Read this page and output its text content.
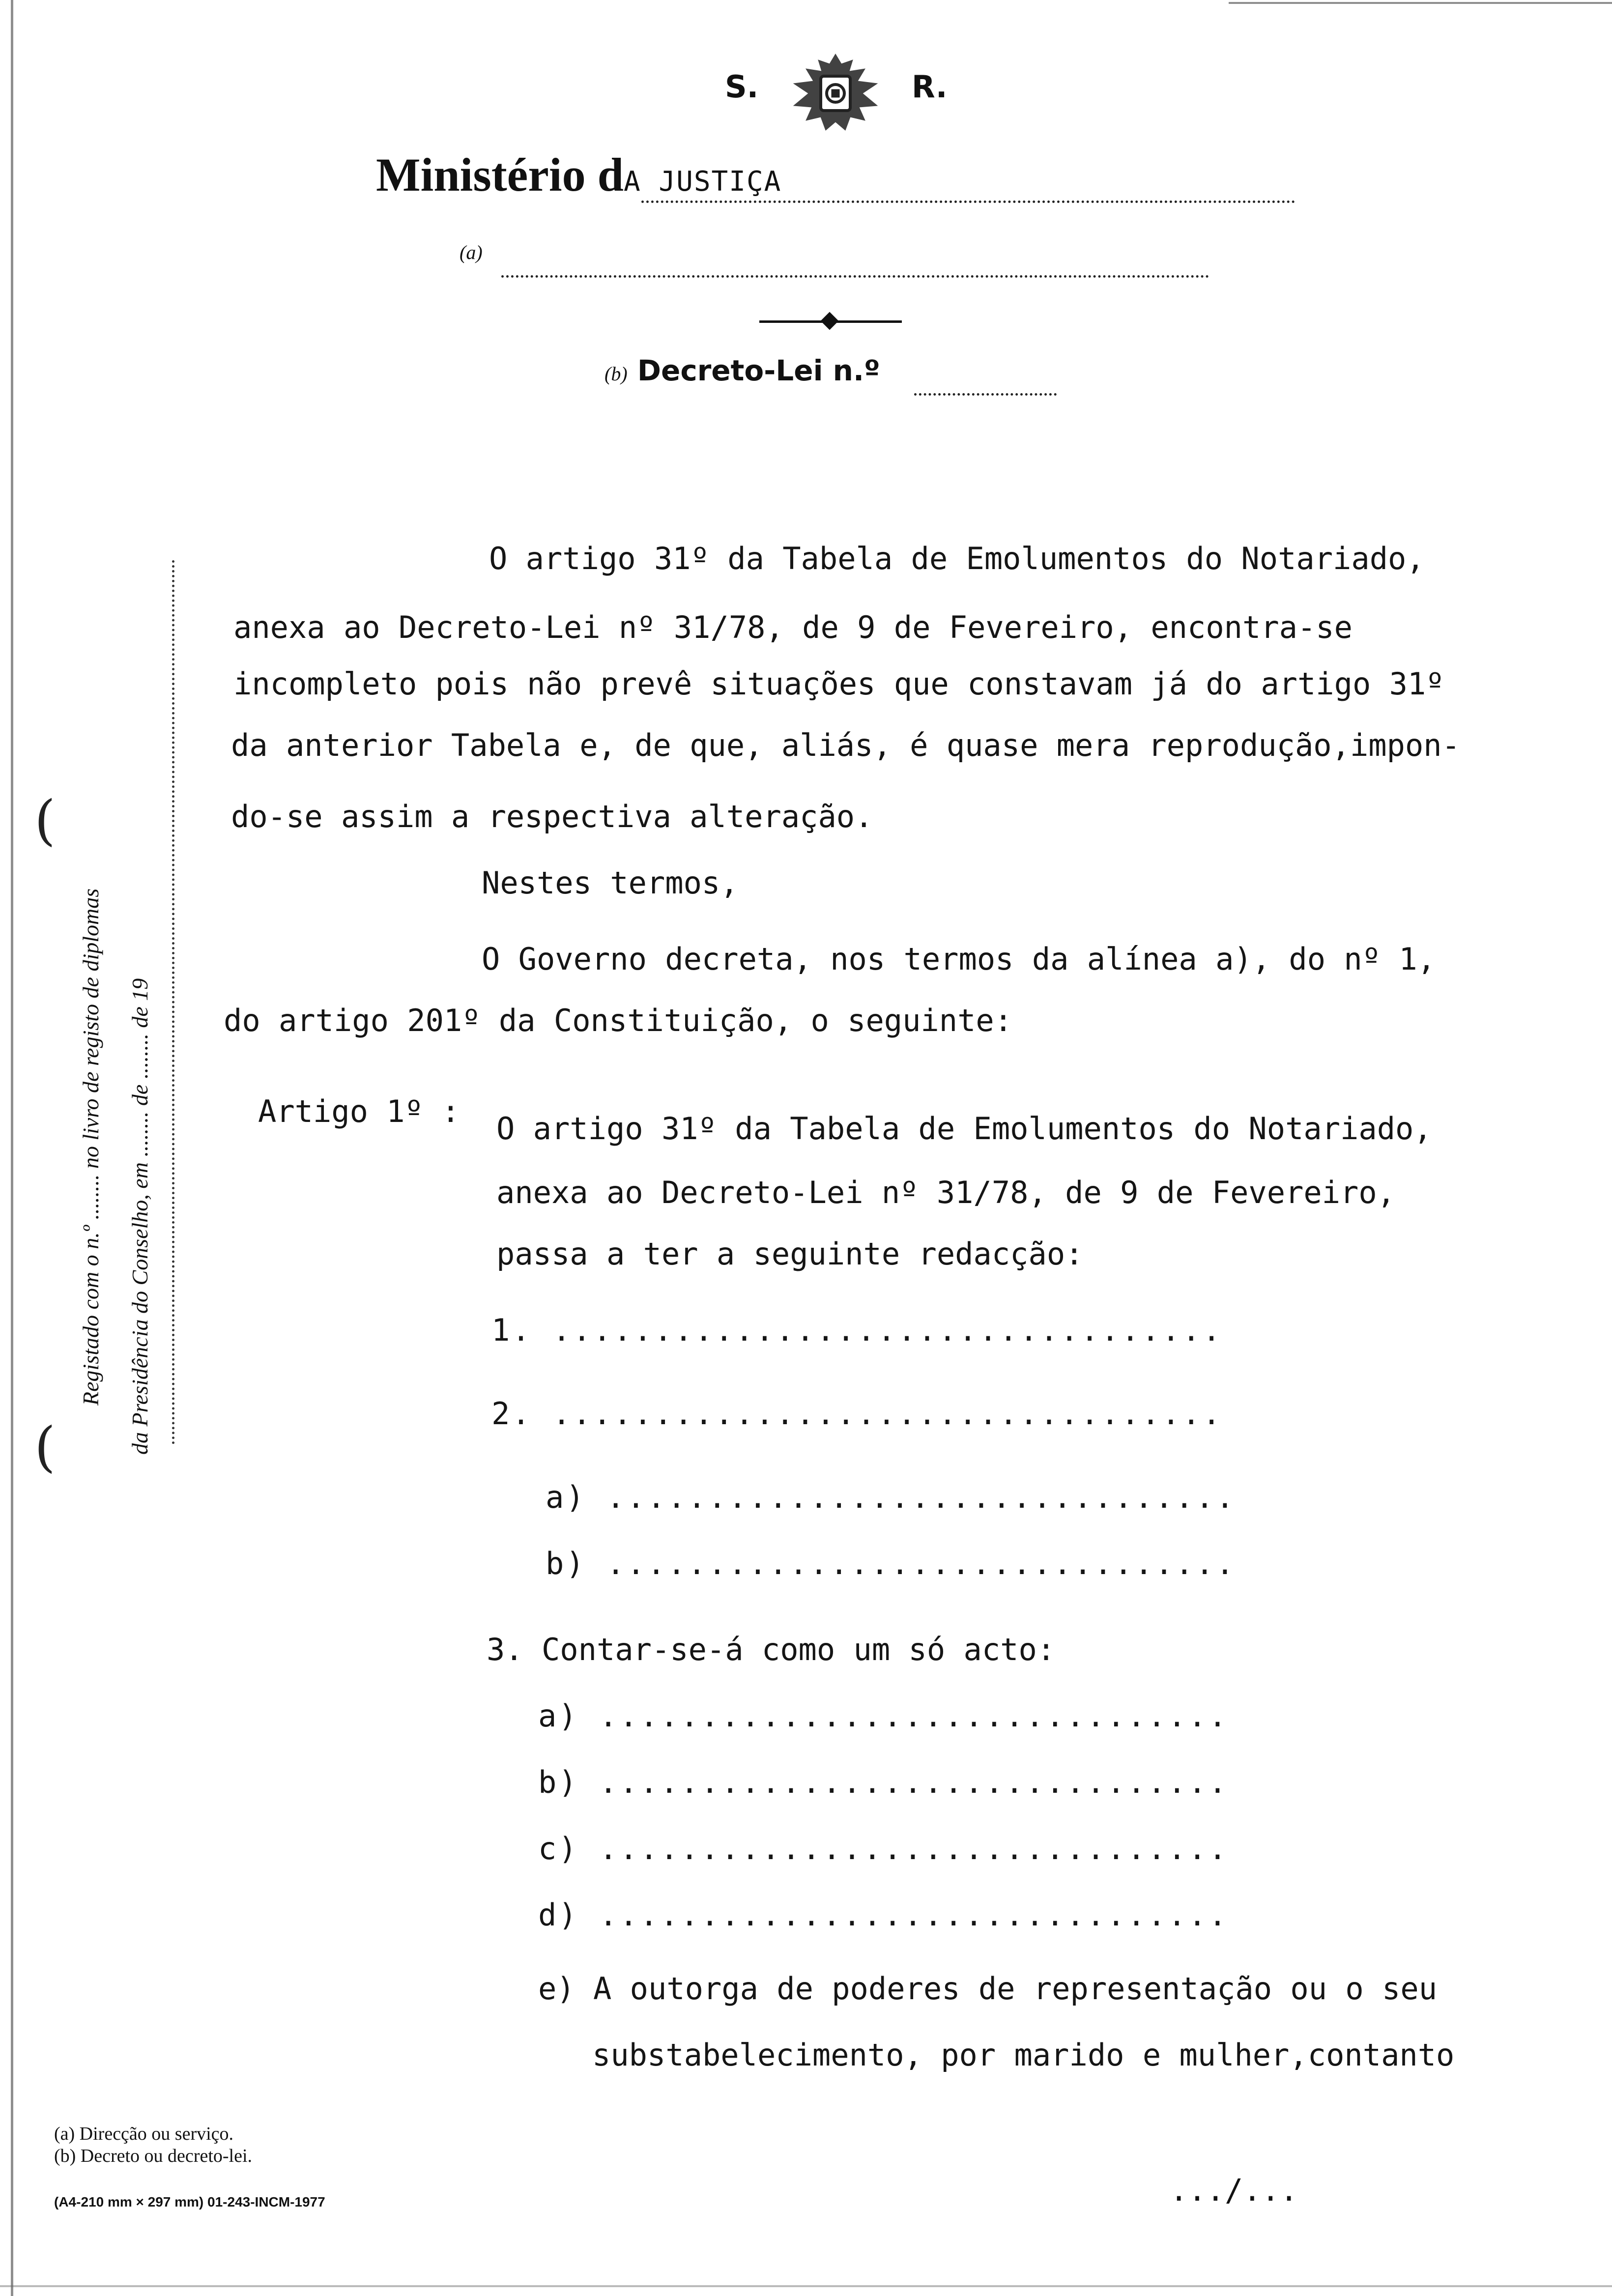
S.	R.
Ministério dA JUSTIÇA
(a)
(b) Decreto-Lei n.º
(
(
Registado com o n.º ........ no livro de registo de diplomas da Presidência do Conselho, em ........ de ........ de 19
O artigo 31º da Tabela de Emolumentos do Notariado,
anexa ao Decreto-Lei nº 31/78, de 9 de Fevereiro, encontra-se
incompleto pois não prevê situações que constavam já do artigo 31º
da anterior Tabela e, de que, aliás, é quase mera reprodução,impon-
do-se assim a respectiva alteração.
Nestes termos,
O Governo decreta, nos termos da alínea a), do nº 1,
do artigo 201º da Constituição, o seguinte:
Artigo 1º : O artigo 31º da Tabela de Emolumentos do Notariado,
anexa ao Decreto-Lei nº 31/78, de 9 de Fevereiro,
passa a ter a seguinte redacção:
1. .................................
2. .................................
a) ...............................
b) ...............................
3. Contar-se-á como um só acto:
a) ...............................
b) ...............................
c) ...............................
d) ...............................
e) A outorga de poderes de representação ou o seu
substabelecimento, por marido e mulher,contanto
(a) Direcção ou serviço.
(b) Decreto ou decreto-lei.
(A4-210 mm × 297 mm) 01-243-INCM-1977	.../...
